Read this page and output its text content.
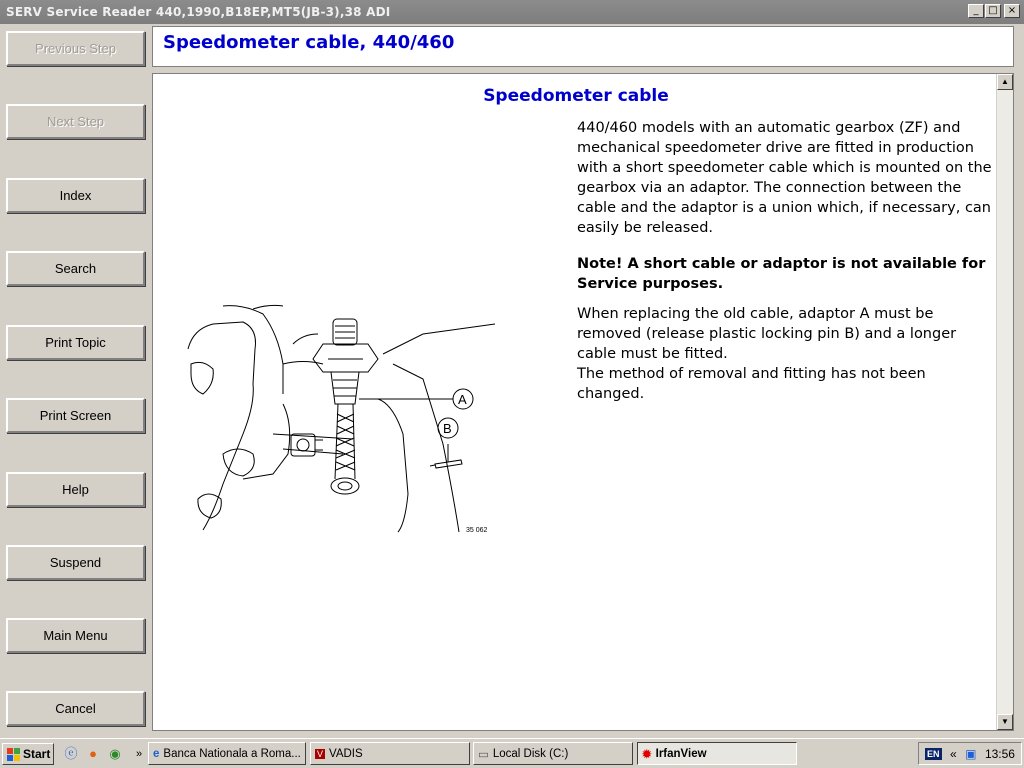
SERV Service Reader 440,1990,B18EP,MT5(JB-3),38 ADI	_ □	×
Previous Step
Next Step
Index
Search
Print Topic
Print Screen
Help
Suspend
Main Menu
Cancel
Speedometer cable, 440/460
Speedometer cable
A
B
35 062

440/460 models with an automatic gearbox (ZF) and mechanical speedometer drive are fitted in production with a short speedometer cable which is mounted on the gearbox via an adaptor. The connection between the cable and the adaptor is a union which, if necessary, can easily be released.

Note! A short cable or adaptor is not available for Service purposes.

When replacing the old cable, adaptor A must be removed (release plastic locking pin B) and a longer cable must be fitted.

The method of removal and fitting has not been changed.

▲
▼
Start ⓔ ● ◉	» e Banca Nationala a Roma... V VADIS	▭ Local Disk (C:)	✹ IrfanView	EN « ▣ 13:56
